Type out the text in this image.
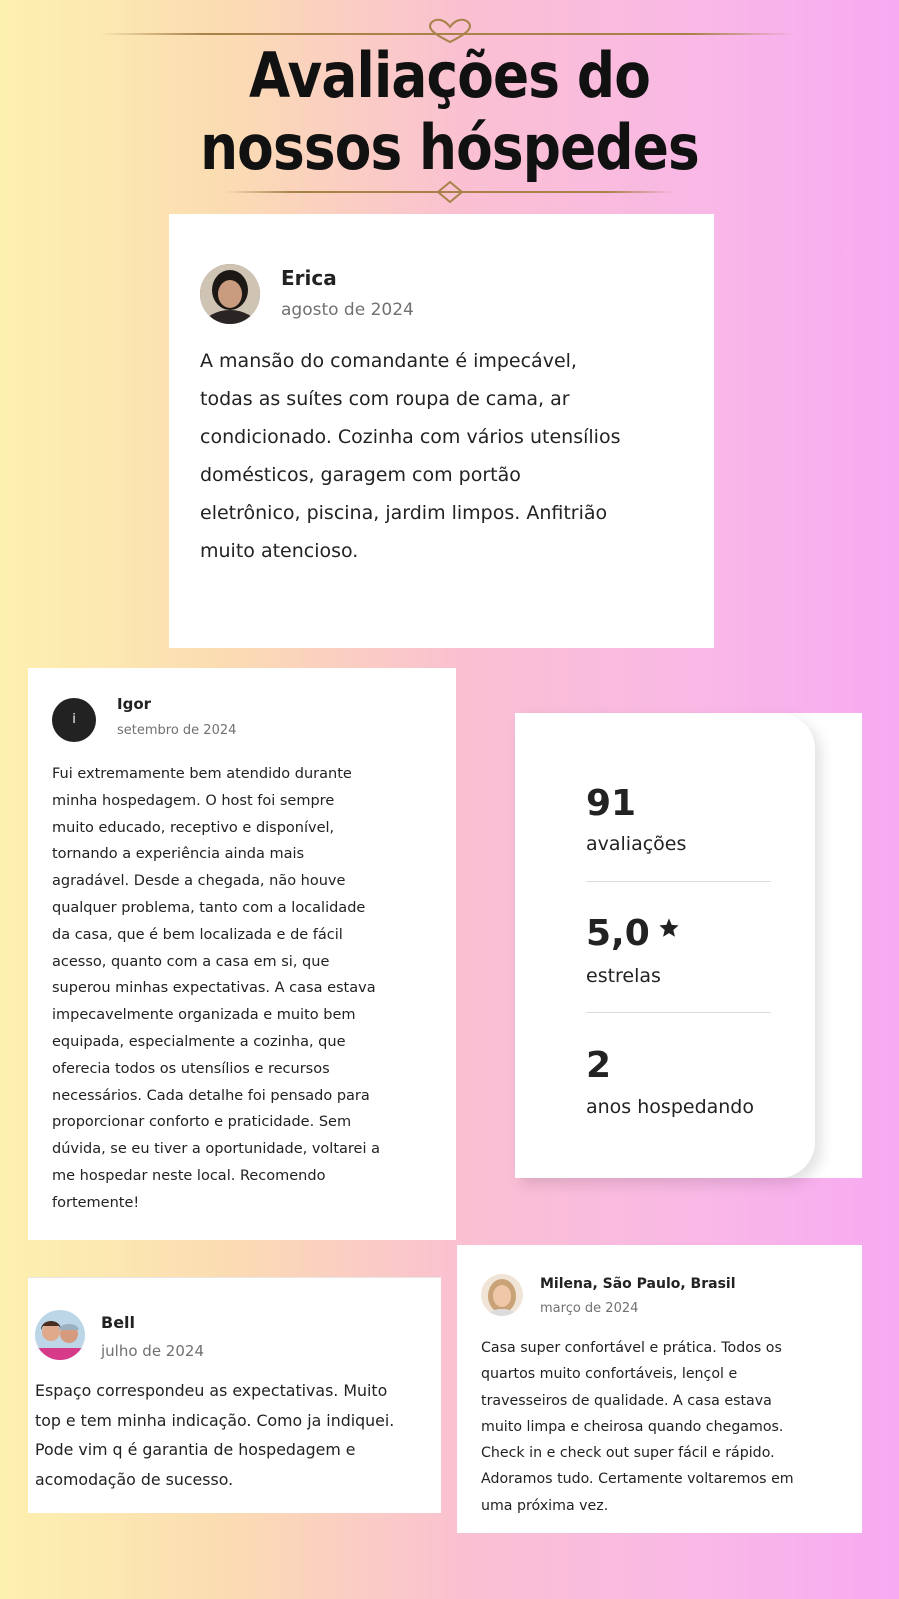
Avaliações do
nossos hóspedes
Erica
agosto de 2024
A mansão do comandante é impecável,
todas as suítes com roupa de cama, ar
condicionado. Cozinha com vários utensílios
domésticos, garagem com portão
eletrônico, piscina, jardim limpos. Anfitrião
muito atencioso.
i
Igor
setembro de 2024
Fui extremamente bem atendido durante
minha hospedagem. O host foi sempre
muito educado, receptivo e disponível,
tornando a experiência ainda mais
agradável. Desde a chegada, não houve
qualquer problema, tanto com a localidade
da casa, que é bem localizada e de fácil
acesso, quanto com a casa em si, que
superou minhas expectativas. A casa estava
impecavelmente organizada e muito bem
equipada, especialmente a cozinha, que
oferecia todos os utensílios e recursos
necessários. Cada detalhe foi pensado para
proporcionar conforto e praticidade. Sem
dúvida, se eu tiver a oportunidade, voltarei a
me hospedar neste local. Recomendo
fortemente!
91
avaliações
5,0
estrelas
2
anos hospedando
Bell
julho de 2024
Espaço correspondeu as expectativas. Muito
top e tem minha indicação. Como ja indiquei.
Pode vim q é garantia de hospedagem e
acomodação de sucesso.
Milena, São Paulo, Brasil
março de 2024
Casa super confortável e prática. Todos os
quartos muito confortáveis, lençol e
travesseiros de qualidade. A casa estava
muito limpa e cheirosa quando chegamos.
Check in e check out super fácil e rápido.
Adoramos tudo. Certamente voltaremos em
uma próxima vez.
